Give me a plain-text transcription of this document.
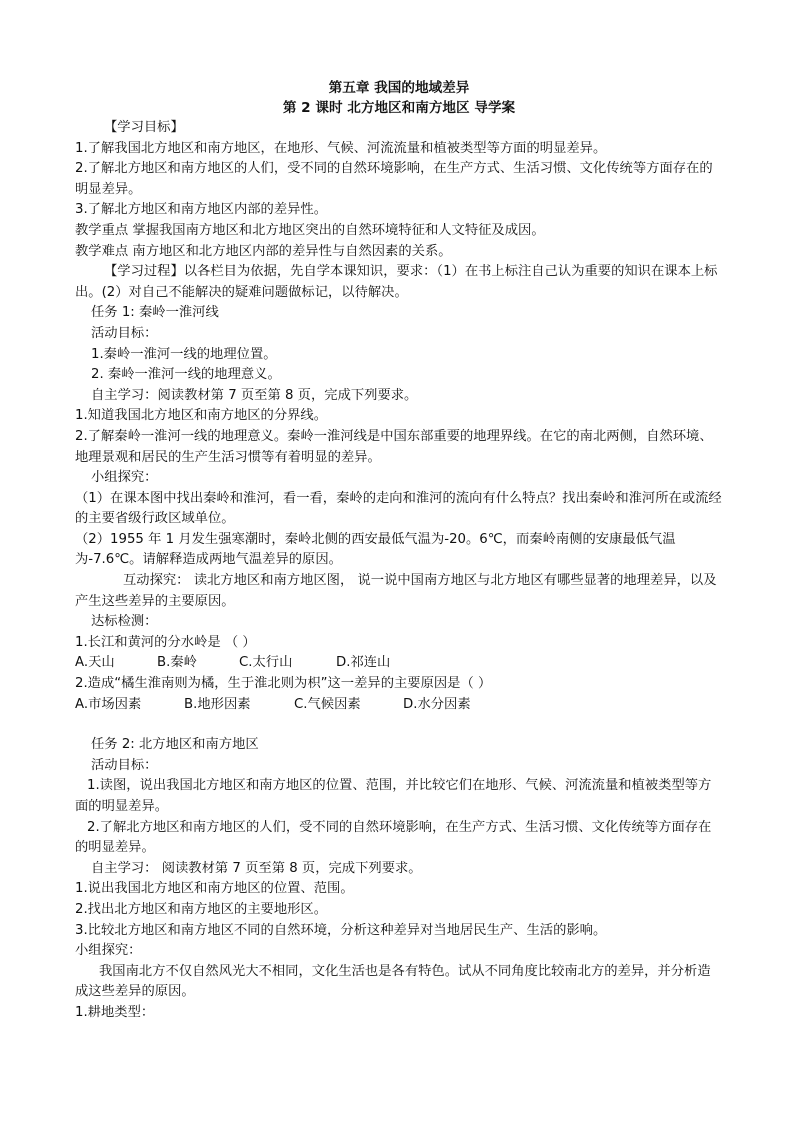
第五章 我国的地域差异
第 2 课时 北方地区和南方地区 导学案
【学习目标】
1.了解我国北方地区和南方地区，在地形、气候、河流流量和植被类型等方面的明显差异。
2.了解北方地区和南方地区的人们，受不同的自然环境影响，在生产方式、生活习惯、文化传统等方面存在的明显差异。
3.了解北方地区和南方地区内部的差异性。
教学重点 掌握我国南方地区和北方地区突出的自然环境特征和人文特征及成因。
教学难点 南方地区和北方地区内部的差异性与自然因素的关系。
【学习过程】以各栏目为依据，先自学本课知识，要求：（1）在书上标注自己认为重要的知识在课本上标出。(2）对自己不能解决的疑难问题做标记，以待解决。
任务 1: 秦岭一淮河线
活动目标：
1.秦岭一淮河一线的地理位置。
2. 秦岭一淮河一线的地理意义。
自主学习：阅读教材第 7 页至第 8 页，完成下列要求。
1.知道我国北方地区和南方地区的分界线。
2.了解秦岭一淮河一线的地理意义。秦岭一淮河线是中国东部重要的地理界线。在它的南北两侧，自然环境、地理景观和居民的生产生活习惯等有着明显的差异。
小组探究：
（1）在课本图中找出秦岭和淮河，看一看，秦岭的走向和淮河的流向有什么特点？找出秦岭和淮河所在或流经的主要省级行政区域单位。
（2）1955 年 1 月发生强寒潮时，秦岭北侧的西安最低气温为-20。6℃，而秦岭南侧的安康最低气温为-7.6℃。请解释造成两地气温差异的原因。
互动探究： 读北方地区和南方地区图， 说一说中国南方地区与北方地区有哪些显著的地理差异，以及产生这些差异的主要原因。
达标检测：
1.长江和黄河的分水岭是 （ ）
A.天山	B.秦岭	C.太行山	D.祁连山
2.造成“橘生淮南则为橘，生于淮北则为枳”这一差异的主要原因是（ ）
A.市场因素	B.地形因素	C.气候因素	D.水分因素
任务 2: 北方地区和南方地区
活动目标：
1.读图，说出我国北方地区和南方地区的位置、范围，并比较它们在地形、气候、河流流量和植被类型等方面的明显差异。
2.了解北方地区和南方地区的人们，受不同的自然环境影响，在生产方式、生活习惯、文化传统等方面存在的明显差异。
自主学习： 阅读教材第 7 页至第 8 页，完成下列要求。
1.说出我国北方地区和南方地区的位置、范围。
2.找出北方地区和南方地区的主要地形区。
3.比较北方地区和南方地区不同的自然环境，分析这种差异对当地居民生产、生活的影响。
小组探究：
我国南北方不仅自然风光大不相同，文化生活也是各有特色。试从不同角度比较南北方的差异，并分析造成这些差异的原因。
1.耕地类型：
